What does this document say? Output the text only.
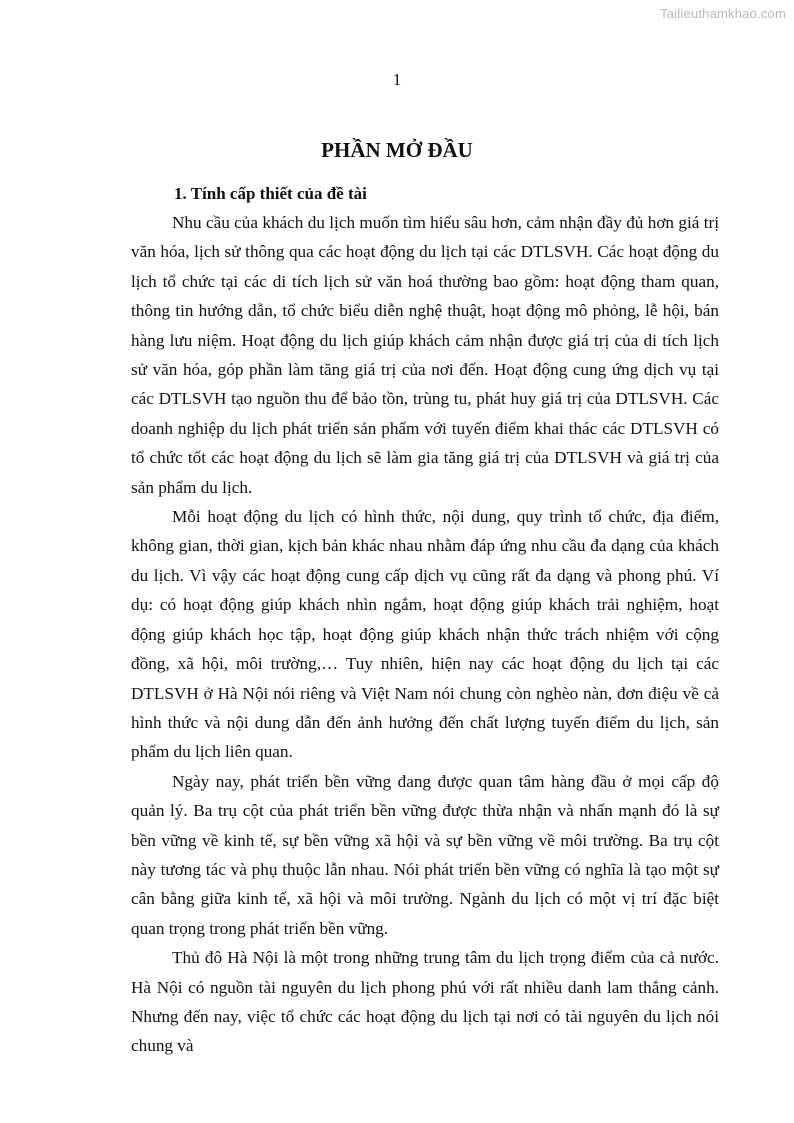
Tailieuthamkhao.com
1
PHẦN MỞ ĐẦU
1. Tính cấp thiết của đề tài

Nhu cầu của khách du lịch muốn tìm hiểu sâu hơn, cảm nhận đầy đủ hơn giá trị văn hóa, lịch sử thông qua các hoạt động du lịch tại các DTLSVH. Các hoạt động du lịch tổ chức tại các di tích lịch sử văn hoá thường bao gồm: hoạt động tham quan, thông tin hướng dẫn, tổ chức biểu diễn nghệ thuật, hoạt động mô phỏng, lễ hội, bán hàng lưu niệm. Hoạt động du lịch giúp khách cảm nhận được giá trị của di tích lịch sử văn hóa, góp phần làm tăng giá trị của nơi đến. Hoạt động cung ứng dịch vụ tại các DTLSVH tạo nguồn thu để bảo tồn, trùng tu, phát huy giá trị của DTLSVH. Các doanh nghiệp du lịch phát triển sản phẩm với tuyến điểm khai thác các DTLSVH có tổ chức tốt các hoạt động du lịch sẽ làm gia tăng giá trị của DTLSVH và giá trị của sản phẩm du lịch.

Mỗi hoạt động du lịch có hình thức, nội dung, quy trình tổ chức, địa điểm, không gian, thời gian, kịch bản khác nhau nhằm đáp ứng nhu cầu đa dạng của khách du lịch. Vì vậy các hoạt động cung cấp dịch vụ cũng rất đa dạng và phong phú. Ví dụ: có hoạt động giúp khách nhìn ngắm, hoạt động giúp khách trải nghiệm, hoạt động giúp khách học tập, hoạt động giúp khách nhận thức trách nhiệm với cộng đồng, xã hội, môi trường,… Tuy nhiên, hiện nay các hoạt động du lịch tại các DTLSVH ở Hà Nội nói riêng và Việt Nam nói chung còn nghèo nàn, đơn điệu về cả hình thức và nội dung dẫn đến ảnh hưởng đến chất lượng tuyến điểm du lịch, sản phẩm du lịch liên quan.

Ngày nay, phát triển bền vững đang được quan tâm hàng đầu ở mọi cấp độ quản lý. Ba trụ cột của phát triển bền vững được thừa nhận và nhấn mạnh đó là sự bền vững về kinh tế, sự bền vững xã hội và sự bền vững về môi trường. Ba trụ cột này tương tác và phụ thuộc lẫn nhau. Nói phát triển bền vững có nghĩa là tạo một sự cân bằng giữa kinh tế, xã hội và môi trường. Ngành du lịch có một vị trí đặc biệt quan trọng trong phát triển bền vững.

Thủ đô Hà Nội là một trong những trung tâm du lịch trọng điểm của cả nước. Hà Nội có nguồn tài nguyên du lịch phong phú với rất nhiều danh lam thắng cảnh. Nhưng đến nay, việc tổ chức các hoạt động du lịch tại nơi có tài nguyên du lịch nói chung và
